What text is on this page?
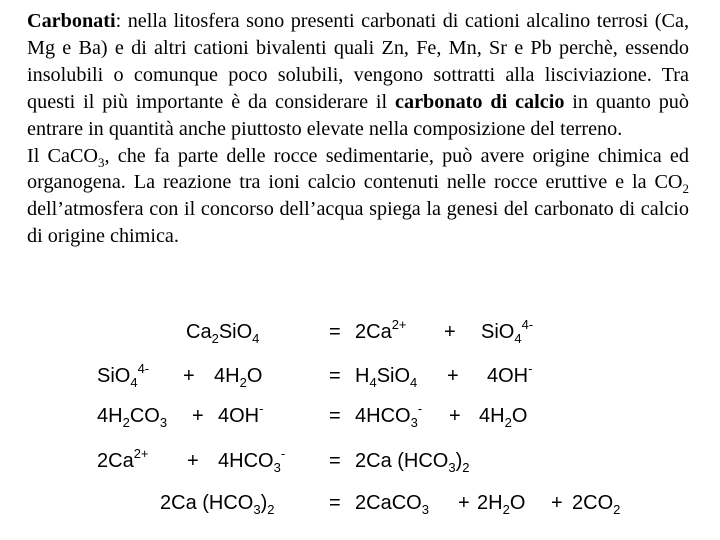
Carbonati: nella litosfera sono presenti carbonati di cationi alcalino terrosi (Ca, Mg e Ba) e di altri cationi bivalenti quali Zn, Fe, Mn, Sr e Pb perchè, essendo insolubili o comunque poco solubili, vengono sottratti alla lisciviazione. Tra questi il più importante è da considerare il carbonato di calcio in quanto può entrare in quantità anche piuttosto elevate nella composizione del terreno.

Il CaCO$_3$, che fa parte delle rocce sedimentarie, può avere origine chimica ed organogena. La reazione tra ioni calcio contenuti nelle rocce eruttive e la $CO_2$ dell’atmosfera con il concorso dell’acqua spiega la genesi del carbonato di calcio di origine chimica.

$Ca_2SiO_4$	= $2Ca^{2+} + SiO_4^{4-}$
$SiO_4^{4-} + 4H_2O$	= $H_4SiO_4 + 4OH^-$
$4H_2CO_3 + 4OH^-$	= $4HCO_3^- + 4H_2O$
$2Ca^{2+} + 4HCO_3^- = 2Ca$ $(HCO_3)_2$
2Ca $(HCO_3)_2$	= 2CaCO$_3$ + $2H_2O + 2CO_2$
